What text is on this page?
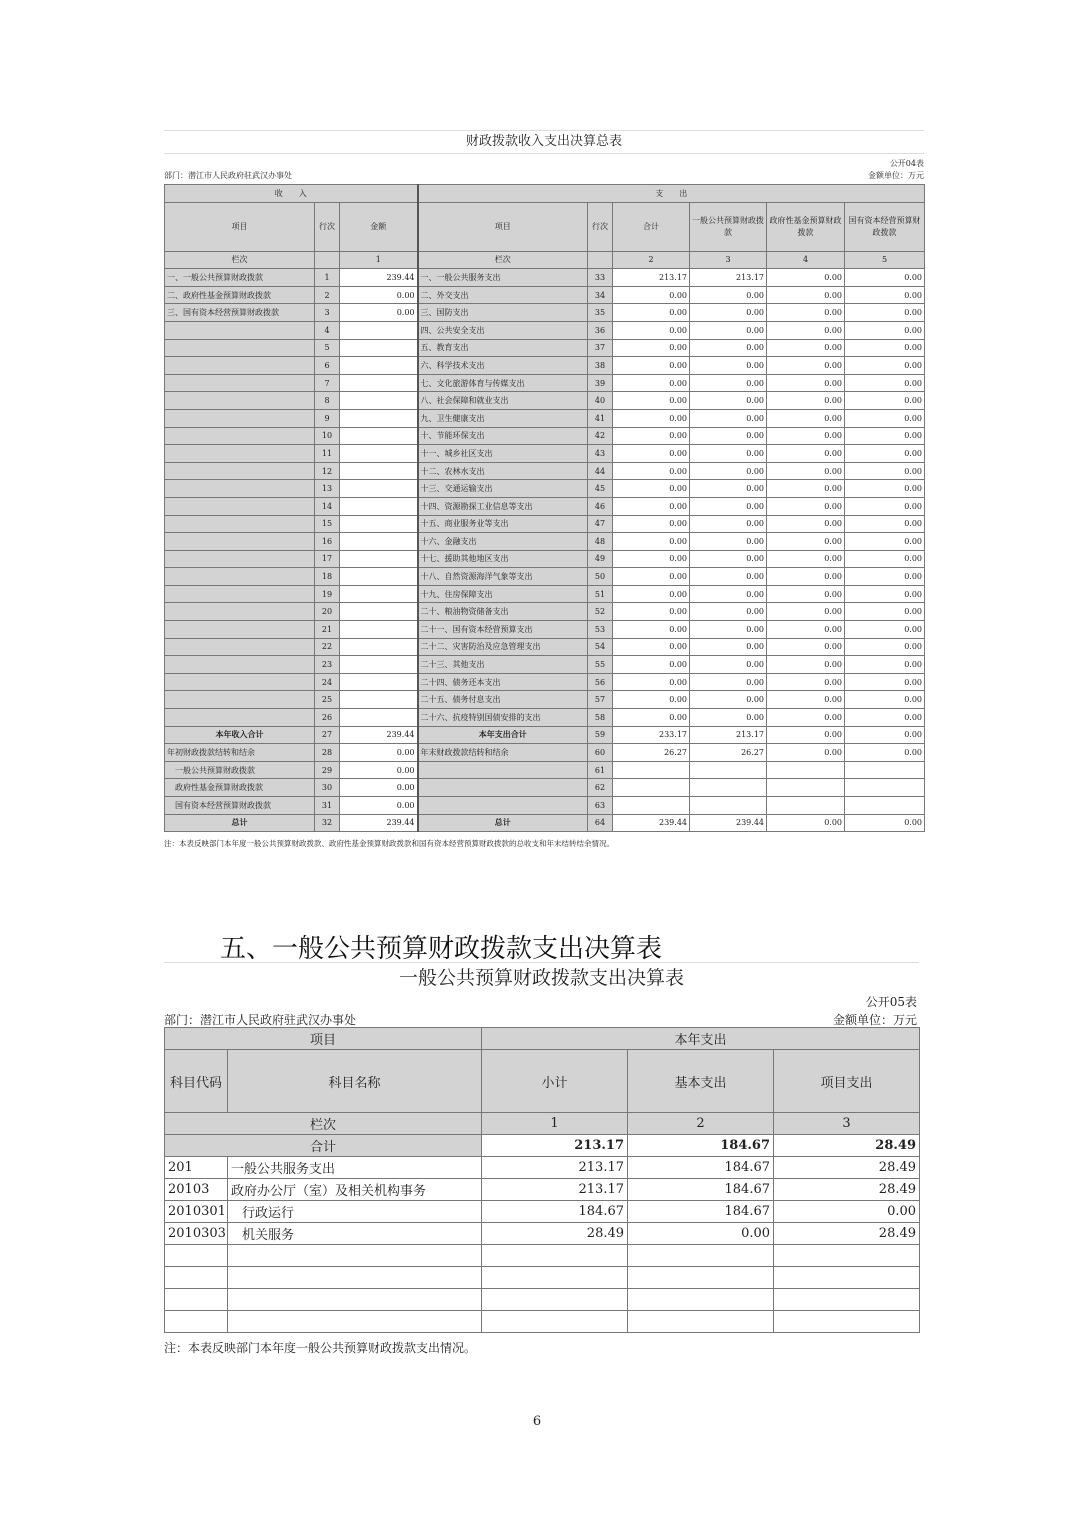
财政拨款收入支出决算总表
公开04表
部门：潜江市人民政府驻武汉办事处	金额单位：万元
收　　入			支　　出					
项目	行次	金额	项目	行次	合计	一般公共预算财政拨款	政府性基金预算财政拨款	国有资本经营预算财政拨款
栏次		1	栏次		2	3	4	5
一、一般公共预算财政拨款	1	239.44	一、一般公共服务支出	33	213.17	213.17	0.00	0.00
二、政府性基金预算财政拨款	2	0.00	二、外交支出	34	0.00	0.00	0.00	0.00
三、国有资本经营预算财政拨款	3	0.00	三、国防支出	35	0.00	0.00	0.00	0.00
	4		四、公共安全支出	36	0.00	0.00	0.00	0.00
	5		五、教育支出	37	0.00	0.00	0.00	0.00
	6		六、科学技术支出	38	0.00	0.00	0.00	0.00
	7		七、文化旅游体育与传媒支出	39	0.00	0.00	0.00	0.00
	8		八、社会保障和就业支出	40	0.00	0.00	0.00	0.00
	9		九、卫生健康支出	41	0.00	0.00	0.00	0.00
	10		十、节能环保支出	42	0.00	0.00	0.00	0.00
	11		十一、城乡社区支出	43	0.00	0.00	0.00	0.00
	12		十二、农林水支出	44	0.00	0.00	0.00	0.00
	13		十三、交通运输支出	45	0.00	0.00	0.00	0.00
	14		十四、资源勘探工业信息等支出	46	0.00	0.00	0.00	0.00
	15		十五、商业服务业等支出	47	0.00	0.00	0.00	0.00
	16		十六、金融支出	48	0.00	0.00	0.00	0.00
	17		十七、援助其他地区支出	49	0.00	0.00	0.00	0.00
	18		十八、自然资源海洋气象等支出	50	0.00	0.00	0.00	0.00
	19		十九、住房保障支出	51	0.00	0.00	0.00	0.00
	20		二十、粮油物资储备支出	52	0.00	0.00	0.00	0.00
	21		二十一、国有资本经营预算支出	53	0.00	0.00	0.00	0.00
	22		二十二、灾害防治及应急管理支出	54	0.00	0.00	0.00	0.00
	23		二十三、其他支出	55	0.00	0.00	0.00	0.00
	24		二十四、债务还本支出	56	0.00	0.00	0.00	0.00
	25		二十五、债务付息支出	57	0.00	0.00	0.00	0.00
	26		二十六、抗疫特别国债安排的支出	58	0.00	0.00	0.00	0.00
本年收入合计	27	239.44	本年支出合计	59	233.17	213.17	0.00	0.00
年初财政拨款结转和结余	28	0.00	年末财政拨款结转和结余	60	26.27	26.27	0.00	0.00
一般公共预算财政拨款	29	0.00		61				
政府性基金预算财政拨款	30	0.00		62				
国有资本经营预算财政拨款	31	0.00		63				
总计	32	239.44	总计	64	239.44	239.44	0.00	0.00
注：本表反映部门本年度一般公共预算财政拨款、政府性基金预算财政拨款和国有资本经营预算财政拨款的总收支和年末结转结余情况。
五、一般公共预算财政拨款支出决算表
一般公共预算财政拨款支出决算表
公开05表
部门：潜江市人民政府驻武汉办事处	金额单位：万元
项目		本年支出		
科目代码	科目名称	小计	基本支出	项目支出
栏次		1	2	3
合计		213.17	184.67	28.49
201	一般公共服务支出	213.17	184.67	28.49
20103	政府办公厅（室）及相关机构事务	213.17	184.67	28.49
2010301	行政运行	184.67	184.67	0.00
2010303	机关服务	28.49	0.00	28.49

注：本表反映部门本年度一般公共预算财政拨款支出情况。
6
